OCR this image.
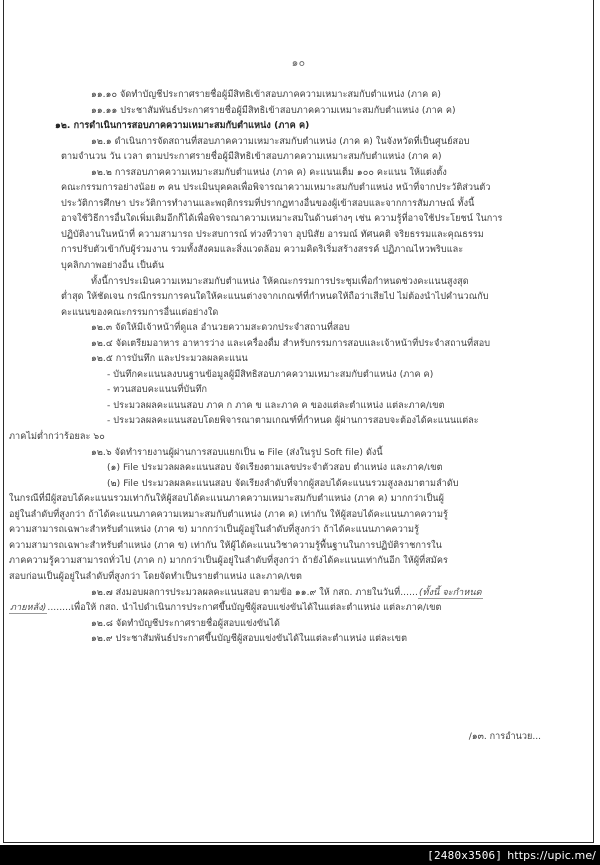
๑๐
๑๑.๑๐ จัดทำบัญชีประกาศรายชื่อผู้มีสิทธิเข้าสอบภาคความเหมาะสมกับตำแหน่ง (ภาค ค)
๑๑.๑๑ ประชาสัมพันธ์ประกาศรายชื่อผู้มีสิทธิเข้าสอบภาคความเหมาะสมกับตำแหน่ง (ภาค ค)
๑๒. การดำเนินการสอบภาคความเหมาะสมกับตำแหน่ง (ภาค ค)
๑๒.๑ ดำเนินการจัดสถานที่สอบภาคความเหมาะสมกับตำแหน่ง (ภาค ค) ในจังหวัดที่เป็นศูนย์สอบ
ตามจำนวน วัน เวลา ตามประกาศรายชื่อผู้มีสิทธิเข้าสอบภาคความเหมาะสมกับตำแหน่ง (ภาค ค)
๑๒.๒ การสอบภาคความเหมาะสมกับตำแหน่ง (ภาค ค) คะแนนเต็ม ๑๐๐ คะแนน ให้แต่งตั้ง
คณะกรรมการอย่างน้อย ๓ คน ประเมินบุคคลเพื่อพิจารณาความเหมาะสมกับตำแหน่ง หน้าที่จากประวัติส่วนตัว
ประวัติการศึกษา ประวัติการทำงานและพฤติกรรมที่ปรากฏทางอื่นของผู้เข้าสอบและจากการสัมภาษณ์ ทั้งนี้
อาจใช้วิธีการอื่นใดเพิ่มเติมอีกก็ได้เพื่อพิจารณาความเหมาะสมในด้านต่างๆ เช่น ความรู้ที่อาจใช้ประโยชน์ ในการ
ปฏิบัติงานในหน้าที่ ความสามารถ ประสบการณ์ ท่วงทีวาจา อุปนิสัย อารมณ์ ทัศนคติ จริยธรรมและคุณธรรม
การปรับตัวเข้ากับผู้ร่วมงาน รวมทั้งสังคมและสิ่งแวดล้อม ความคิดริเริ่มสร้างสรรค์ ปฏิภาณไหวพริบและ
บุคลิกภาพอย่างอื่น เป็นต้น
ทั้งนี้การประเมินความเหมาะสมกับตำแหน่ง ให้คณะกรรมการประชุมเพื่อกำหนดช่วงคะแนนสูงสุด
ต่ำสุด ให้ชัดเจน กรณีกรรมการคนใดให้คะแนนต่างจากเกณฑ์ที่กำหนดให้ถือว่าเสียไป ไม่ต้องนำไปคำนวณกับ
คะแนนของคณะกรรมการอื่นแต่อย่างใด
๑๒.๓ จัดให้มีเจ้าหน้าที่ดูแล อำนวยความสะดวกประจำสถานที่สอบ
๑๒.๔ จัดเตรียมอาหาร อาหารว่าง และเครื่องดื่ม สำหรับกรรมการสอบและเจ้าหน้าที่ประจำสถานที่สอบ
๑๒.๕ การบันทึก และประมวลผลคะแนน
- บันทึกคะแนนลงบนฐานข้อมูลผู้มีสิทธิสอบภาคความเหมาะสมกับตำแหน่ง (ภาค ค)
- ทวนสอบคะแนนที่บันทึก
- ประมวลผลคะแนนสอบ ภาค ก ภาค ข และภาค ค ของแต่ละตำแหน่ง แต่ละภาค/เขต
- ประมวลผลคะแนนสอบโดยพิจารณาตามเกณฑ์ที่กำหนด ผู้ผ่านการสอบจะต้องได้คะแนนแต่ละ
ภาคไม่ต่ำกว่าร้อยละ ๖๐
๑๒.๖ จัดทำรายงานผู้ผ่านการสอบแยกเป็น ๒ File (ส่งในรูป Soft file) ดังนี้
(๑) File ประมวลผลคะแนนสอบ จัดเรียงตามเลขประจำตัวสอบ ตำแหน่ง และภาค/เขต
(๒) File ประมวลผลคะแนนสอบ จัดเรียงลำดับที่จากผู้สอบได้คะแนนรวมสูงลงมาตามลำดับ
ในกรณีที่มีผู้สอบได้คะแนนรวมเท่ากันให้ผู้สอบได้คะแนนภาคความเหมาะสมกับตำแหน่ง (ภาค ค) มากกว่าเป็นผู้
อยู่ในลำดับที่สูงกว่า ถ้าได้คะแนนภาคความเหมาะสมกับตำแหน่ง (ภาค ค) เท่ากัน ให้ผู้สอบได้คะแนนภาคความรู้
ความสามารถเฉพาะสำหรับตำแหน่ง (ภาค ข) มากกว่าเป็นผู้อยู่ในลำดับที่สูงกว่า ถ้าได้คะแนนภาคความรู้
ความสามารถเฉพาะสำหรับตำแหน่ง (ภาค ข) เท่ากัน ให้ผู้ได้คะแนนวิชาความรู้พื้นฐานในการปฏิบัติราชการใน
ภาคความรู้ความสามารถทั่วไป (ภาค ก) มากกว่าเป็นผู้อยู่ในลำดับที่สูงกว่า ถ้ายังได้คะแนนเท่ากันอีก ให้ผู้ที่สมัคร
สอบก่อนเป็นผู้อยู่ในลำดับที่สูงกว่า โดยจัดทำเป็นรายตำแหน่ง และภาค/เขต
๑๒.๗ ส่งมอบผลการประมวลผลคะแนนสอบ ตามข้อ ๑๑.๙ ให้ กสถ. ภายในวันที่......(ทั้งนี้ จะกำหนด
ภายหลัง)........เพื่อให้ กสถ. นำไปดำเนินการประกาศขึ้นบัญชีผู้สอบแข่งขันได้ในแต่ละตำแหน่ง แต่ละภาค/เขต
๑๒.๘ จัดทำบัญชีประกาศรายชื่อผู้สอบแข่งขันได้
๑๒.๙ ประชาสัมพันธ์ประกาศขึ้นบัญชีผู้สอบแข่งขันได้ในแต่ละตำแหน่ง แต่ละเขต
/๑๓. การอำนวย...
[2480x3506] https://upic.me/
